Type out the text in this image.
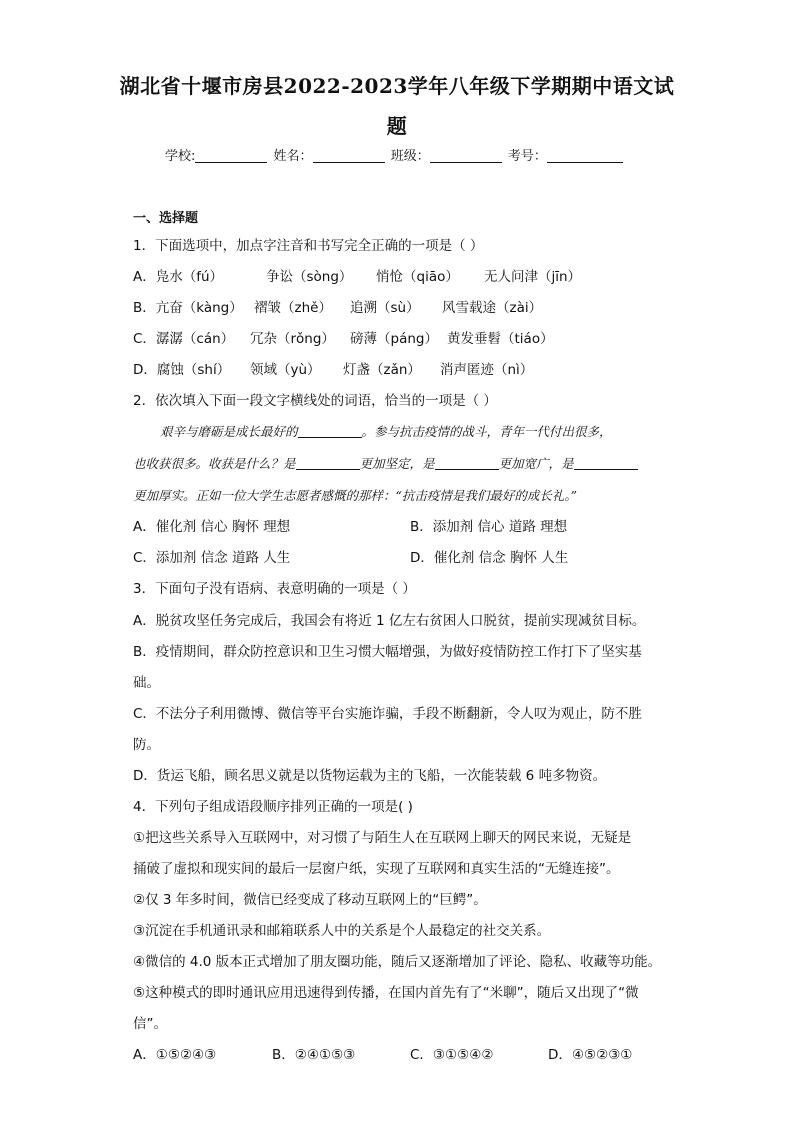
湖北省十堰市房县2022-2023学年八年级下学期期中语文试
题
学校:	姓名：	班级：	考号：
一、选择题
1．下面选项中，加点字注音和书写完全正确的一项是（ ）
A．凫水（fú）	争讼（sòng） 悄怆（qiāo） 无人问津（jīn）
B．亢奋（kàng） 褶皱（zhě） 追溯（sù） 风雪载途（zài）
C．潺潺（cán） 冗杂（rǒng） 磅薄（páng） 黄发垂髫（tiáo）
D．腐蚀（shí） 领域（yù） 灯盏（zǎn） 消声匿迹（nì）
2．依次填入下面一段文字横线处的词语，恰当的一项是（ ）
艰辛与磨砺是成长最好的	。参与抗击疫情的战斗，青年一代付出很多，
也收获很多。收获是什么？是	更加坚定，是	更加宽广，是
更加厚实。正如一位大学生志愿者感慨的那样：“抗击疫情是我们最好的成长礼。”
A．催化剂 信心 胸怀 理想	B．添加剂 信心 道路 理想
C．添加剂 信念 道路 人生	D．催化剂 信念 胸怀 人生
3．下面句子没有语病、表意明确的一项是（ ）
A．脱贫攻坚任务完成后，我国会有将近 1 亿左右贫困人口脱贫，提前实现减贫目标。
B．疫情期间，群众防控意识和卫生习惯大幅增强，为做好疫情防控工作打下了坚实基
础。
C．不法分子利用微博、微信等平台实施诈骗，手段不断翻新，令人叹为观止，防不胜
防。
D．货运飞船，顾名思义就是以货物运载为主的飞船，一次能装载 6 吨多物资。
4．下列句子组成语段顺序排列正确的一项是( )
①把这些关系导入互联网中，对习惯了与陌生人在互联网上聊天的网民来说，无疑是
捅破了虚拟和现实间的最后一层窗户纸，实现了互联网和真实生活的“无缝连接”。
②仅 3 年多时间，微信已经变成了移动互联网上的“巨鳄”。
③沉淀在手机通讯录和邮箱联系人中的关系是个人最稳定的社交关系。
④微信的 4.0 版本正式增加了朋友圈功能，随后又逐渐增加了评论、隐私、收藏等功能。
⑤这种模式的即时通讯应用迅速得到传播，在国内首先有了“米聊”，随后又出现了“微
信”。
A．①⑤②④③	B．②④①⑤③	C．③①⑤④②	D．④⑤②③①
